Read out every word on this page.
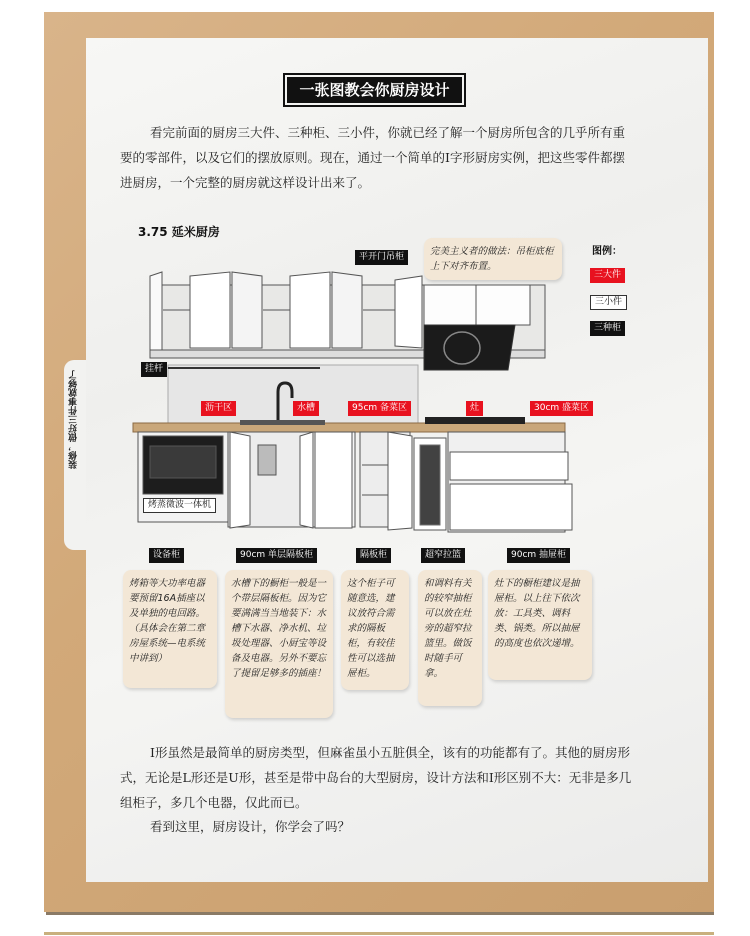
装修，做好三件事就够了
一张图教会你厨房设计
看完前面的厨房三大件、三种柜、三小件，你就已经了解一个厨房所包含的几乎所有重要的零部件，以及它们的摆放原则。现在，通过一个简单的I字形厨房实例，把这些零件都摆进厨房，一个完整的厨房就这样设计出来了。
3.75 延米厨房
平开门吊柜
挂杆
沥干区	水槽	95cm 备菜区	灶	30cm 盛菜区
设备柜
烤蒸微波一体机
90cm 单层隔板柜	隔板柜	超窄拉篮	90cm 抽屉柜
图例：
三大件
三小件
三种柜
完美主义者的做法：吊柜底柜上下对齐布置。
烤箱等大功率电器要预留16A插座以及单独的电回路。（具体会在第二章房屋系统—电系统中讲到）
水槽下的橱柜一般是一个带层隔板柜。因为它要满满当当地装下：水槽下水器、净水机、垃圾处理器、小厨宝等设备及电器。另外不要忘了提留足够多的插座！
这个柜子可随意选，建议放符合需求的隔板柜，有较佳性可以选抽屉柜。
和调料有关的较窄抽柜可以放在灶旁的超窄拉篮里。做饭时随手可拿。
灶下的橱柜建议是抽屉柜。以上往下依次放：工具类、调料类、锅类。所以抽屉的高度也依次递增。
I形虽然是最简单的厨房类型，但麻雀虽小五脏俱全，该有的功能都有了。其他的厨房形式，无论是L形还是U形，甚至是带中岛台的大型厨房，设计方法和I形区别不大：无非是多几组柜子，多几个电器，仅此而已。
看到这里，厨房设计，你学会了吗？
